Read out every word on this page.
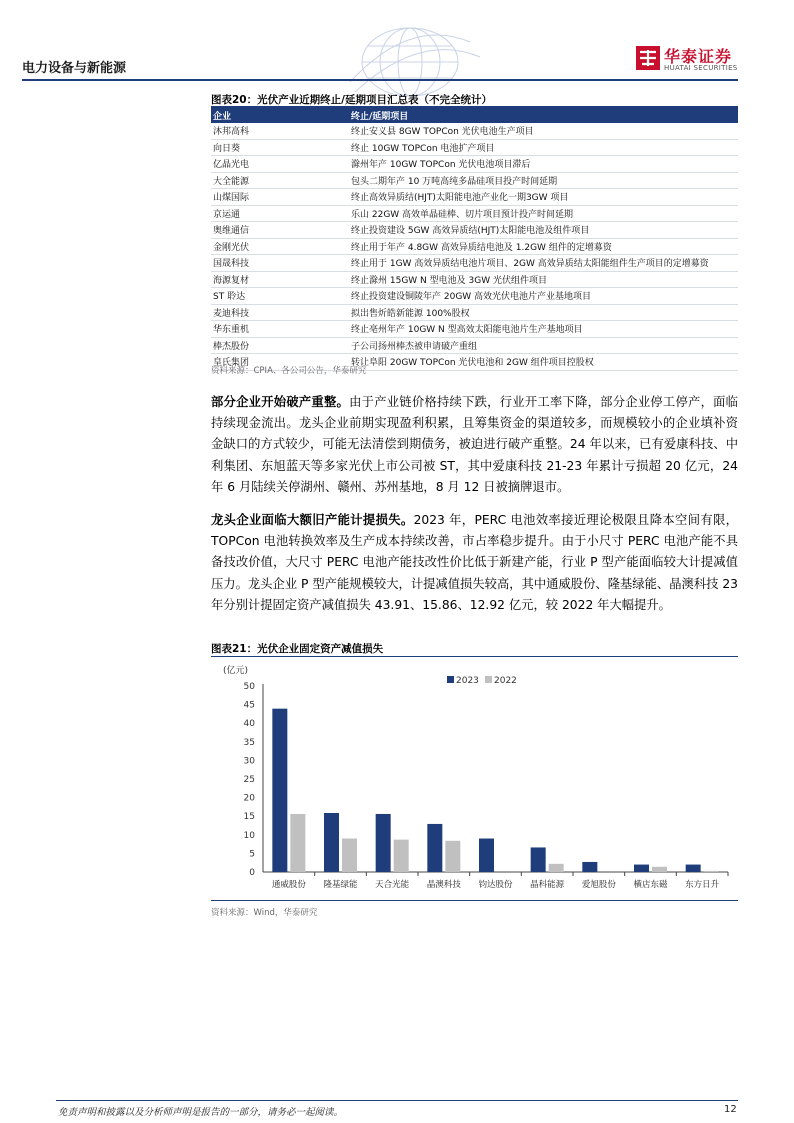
电力设备与新能源
华泰证券
HUATAI SECURITIES
图表20：光伏产业近期终止/延期项目汇总表（不完全统计）
企业	终止/延期项目
沐邦高科	终止安义县 8GW TOPCon 光伏电池生产项目
向日葵	终止 10GW TOPCon 电池扩产项目
亿晶光电	滁州年产 10GW TOPCon 光伏电池项目滞后
大全能源	包头二期年产 10 万吨高纯多晶硅项目投产时间延期
山煤国际	终止高效异质结(HJT)太阳能电池产业化一期3GW 项目
京运通	乐山 22GW 高效单晶硅棒、切片项目预计投产时间延期
奥维通信	终止投资建设 5GW 高效异质结(HJT)太阳能电池及组件项目
金刚光伏	终止用于年产 4.8GW 高效异质结电池及 1.2GW 组件的定增募资
国晟科技	终止用于 1GW 高效异质结电池片项目、2GW 高效异质结太阳能组件生产项目的定增募资
海源复材	终止滁州 15GW N 型电池及 3GW 光伏组件项目
ST 聆达	终止投资建设铜陵年产 20GW 高效光伏电池片产业基地项目
麦迪科技	拟出售炘皓新能源 100%股权
华东重机	终止亳州年产 10GW N 型高效太阳能电池片生产基地项目
棒杰股份	子公司扬州棒杰被申请破产重组
皇氏集团	转让阜阳 20GW TOPCon 光伏电池和 2GW 组件项目控股权
资料来源：CPIA、各公司公告，华泰研究
部分企业开始破产重整。由于产业链价格持续下跌，行业开工率下降，部分企业停工停产，面临持续现金流出。龙头企业前期实现盈利积累，且筹集资金的渠道较多，而规模较小的企业填补资金缺口的方式较少，可能无法清偿到期债务，被迫进行破产重整。24 年以来，已有爱康科技、中利集团、东旭蓝天等多家光伏上市公司被 ST，其中爱康科技 21-23 年累计亏损超 20 亿元，24 年 6 月陆续关停湖州、赣州、苏州基地，8 月 12 日被摘牌退市。
龙头企业面临大额旧产能计提损失。2023 年，PERC 电池效率接近理论极限且降本空间有限，TOPCon 电池转换效率及生产成本持续改善，市占率稳步提升。由于小尺寸 PERC 电池产能不具备技改价值，大尺寸 PERC 电池产能技改性价比低于新建产能，行业 P 型产能面临较大计提减值压力。龙头企业 P 型产能规模较大，计提减值损失较高，其中通威股份、隆基绿能、晶澳科技 23 年分别计提固定资产减值损失 43.91、15.86、12.92 亿元，较 2022 年大幅提升。
图表21：光伏企业固定资产减值损失
(亿元)
0
5
10
15
20
25
30
35
40
45
50
通威股份 隆基绿能 天合光能 晶澳科技 钧达股份 晶科能源 爱旭股份 横店东磁 东方日升
2023 2022
资料来源：Wind，华泰研究
免责声明和披露以及分析师声明是报告的一部分，请务必一起阅读。	12
